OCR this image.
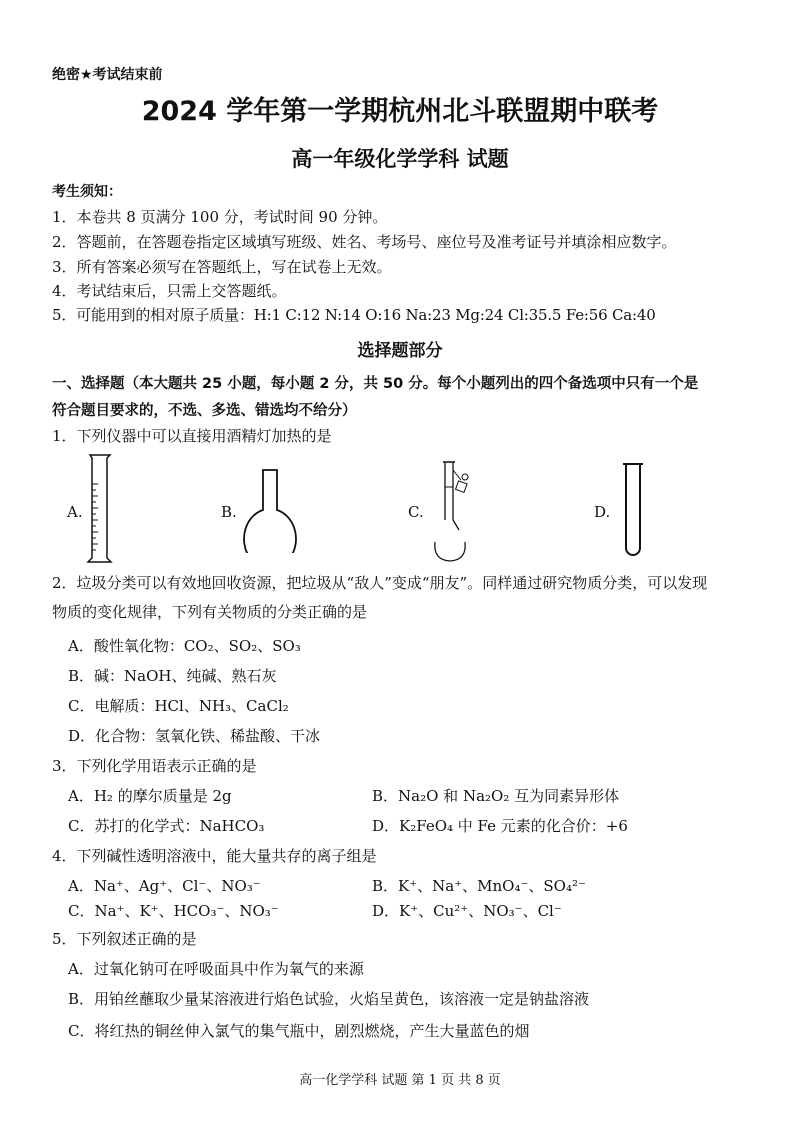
绝密★考试结束前
2024 学年第一学期杭州北斗联盟期中联考
高一年级化学学科 试题
考生须知：
1．本卷共 8 页满分 100 分，考试时间 90 分钟。
2．答题前，在答题卷指定区域填写班级、姓名、考场号、座位号及准考证号并填涂相应数字。
3．所有答案必须写在答题纸上，写在试卷上无效。
4．考试结束后，只需上交答题纸。
5．可能用到的相对原子质量：H:1 C:12 N:14 O:16 Na:23 Mg:24 Cl:35.5 Fe:56 Ca:40
选择题部分
一、选择题（本大题共 25 小题，每小题 2 分，共 50 分。每个小题列出的四个备选项中只有一个是
符合题目要求的，不选、多选、错选均不给分）
1．下列仪器中可以直接用酒精灯加热的是
A.	B.	C.	D.
2．垃圾分类可以有效地回收资源，把垃圾从“敌人”变成“朋友”。同样通过研究物质分类，可以发现
物质的变化规律，下列有关物质的分类正确的是
A．酸性氧化物：CO₂、SO₂、SO₃
B．碱：NaOH、纯碱、熟石灰
C．电解质：HCl、NH₃、CaCl₂
D．化合物：氢氧化铁、稀盐酸、干冰
3．下列化学用语表示正确的是
A．H₂ 的摩尔质量是 2g	B．Na₂O 和 Na₂O₂ 互为同素异形体
C．苏打的化学式：NaHCO₃	D．K₂FeO₄ 中 Fe 元素的化合价：+6
4．下列碱性透明溶液中，能大量共存的离子组是
A．Na⁺、Ag⁺、Cl⁻、NO₃⁻	B．K⁺、Na⁺、MnO₄⁻、SO₄²⁻
C．Na⁺、K⁺、HCO₃⁻、NO₃⁻	D．K⁺、Cu²⁺、NO₃⁻、Cl⁻
5．下列叙述正确的是
A．过氧化钠可在呼吸面具中作为氧气的来源
B．用铂丝蘸取少量某溶液进行焰色试验，火焰呈黄色，该溶液一定是钠盐溶液
C．将红热的铜丝伸入氯气的集气瓶中，剧烈燃烧，产生大量蓝色的烟
高一化学学科 试题 第 1 页 共 8 页
